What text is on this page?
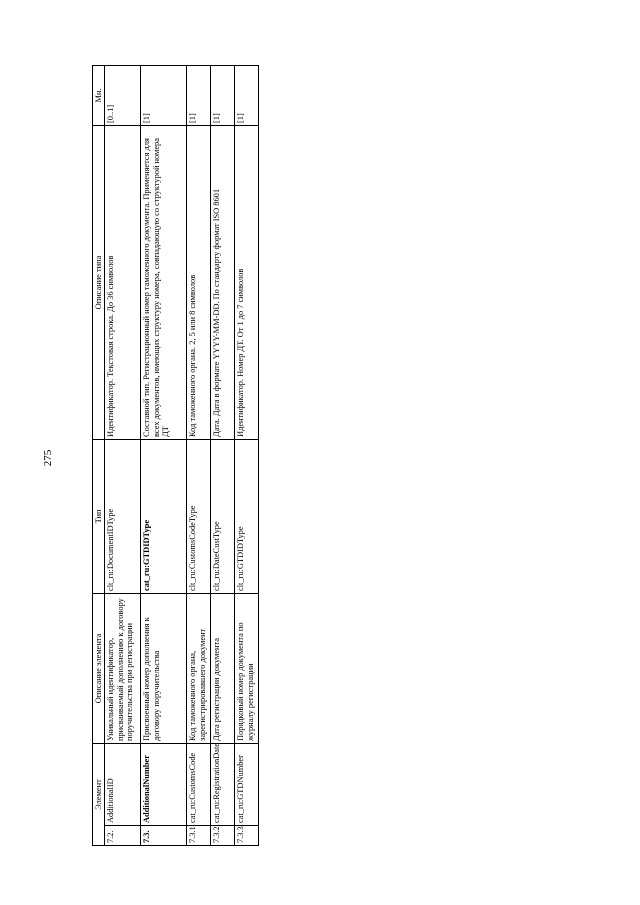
275
Элемент		Описание элемента	Тип	Описание типа	Мн.
7.2.	AdditionalID	Уникальный идентификатор, присваиваемый дополнению к договору поручительства при регистрации	clt_ru:DocumentIDType	Идентификатор. Текстовая строка. До 36 символов	[0..1]
7.3.	AdditionalNumber	Присвоенный номер дополнения к договору поручительства	cat_ru:GTDIDType	Составной тип. Регистрационный номер таможенного документа. Применяется для всех документов, имеющих структуру номера, совпадающую со структурой номера ДТ	[1]
7.3.1.	cat_ru:CustomsCode	Код таможенного органа, зарегистрировавшего документ	clt_ru:CustomsCodeType	Код таможенного органа. 2, 5 или 8 символов	[1]
7.3.2.	cat_ru:RegistrationDate	Дата регистрации документа	clt_ru:DateCustType	Дата. Дата в формате YYYY-MM-DD. По стандарту формат ISO 8601	[1]
7.3.3.	cat_ru:GTDNumber	Порядковый номер документа по журналу регистрации	clt_ru:GTDIDType	Идентификатор. Номер ДТ. От 1 до 7 символов	[1]
